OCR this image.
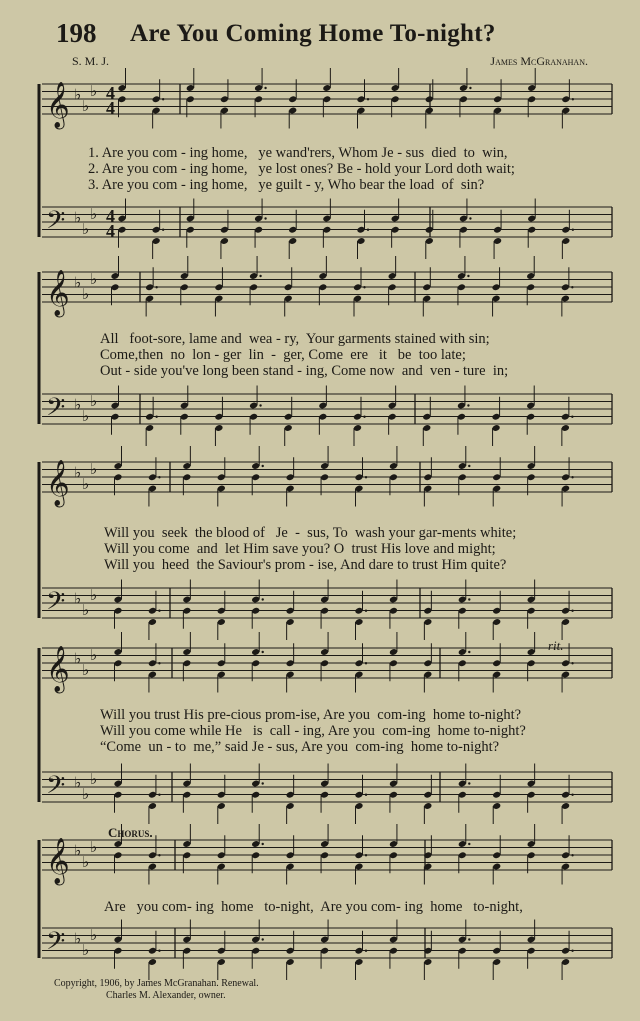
198 Are You Coming Home To-night?
S. M. J.	James McGranahan.
𝄞 ♭
♭
♭ 4
4
𝄢 ♭
♭
♭ 4
4
𝄞 ♭
♭
♭
𝄢 ♭
♭
♭
𝄞 ♭
♭
♭
𝄢 ♭
♭
♭
𝄞 ♭
♭
♭
𝄢 ♭
♭
♭
𝄞 ♭
♭
♭
𝄢 ♭
♭
♭
1. Are you com - ing home,   ye wand'rers, Whom Je - sus  died  to  win,
2. Are you com - ing home,   ye lost ones? Be - hold your Lord doth wait;
3. Are you com - ing home,   ye guilt - y, Who bear the load  of  sin?
All   foot-sore, lame and  wea - ry,  Your garments stained with sin;
Come,then  no  lon - ger  lin  -  ger, Come  ere   it   be  too late;
Out - side you've long been stand - ing, Come now  and  ven - ture  in;
Will you  seek  the blood of   Je  -  sus, To  wash your gar-ments white;
Will you come  and  let Him save you? O  trust His love and might;
Will you  heed  the Saviour's prom - ise, And dare to trust Him quite?
rit.
Will you trust His pre-cious prom-ise, Are you  com-ing  home to-night?
Will you come while He   is  call - ing, Are you  com-ing  home to-night?
“Come  un - to  me,” said Je - sus, Are you  com-ing  home to-night?
Chorus.
Are   you com- ing  home   to-night,  Are you com- ing  home   to-night,
Copyright, 1906, by James McGranahan. Renewal.
Charles M. Alexander, owner.
